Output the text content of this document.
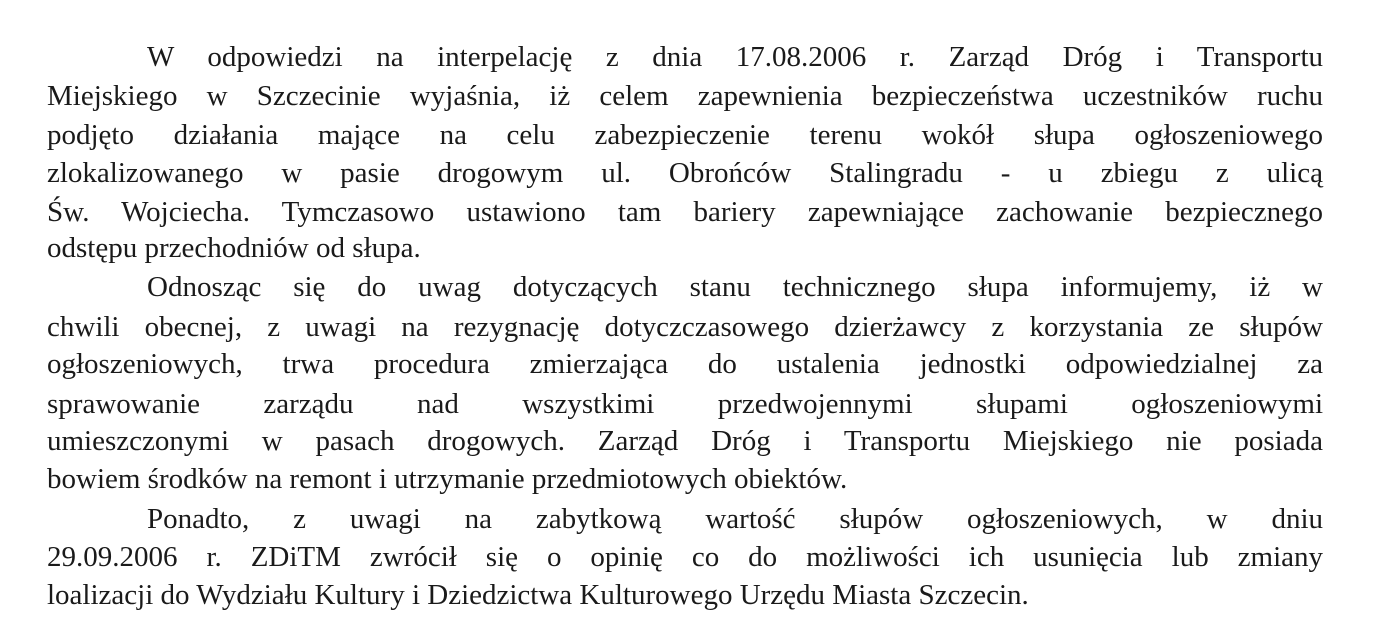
W odpowiedzi na interpelację z dnia 17.08.2006 r. Zarząd Dróg i Transportu
Miejskiego w Szczecinie wyjaśnia, iż celem zapewnienia bezpieczeństwa uczestników ruchu
podjęto działania mające na celu zabezpieczenie terenu wokół słupa ogłoszeniowego
zlokalizowanego w pasie drogowym ul. Obrońców Stalingradu - u zbiegu z ulicą
Św. Wojciecha. Tymczasowo ustawiono tam bariery zapewniające zachowanie bezpiecznego
odstępu przechodniów od słupa.
Odnosząc się do uwag dotyczących stanu technicznego słupa informujemy, iż w
chwili obecnej, z uwagi na rezygnację dotyczczasowego dzierżawcy z korzystania ze słupów
ogłoszeniowych, trwa procedura zmierzająca do ustalenia jednostki odpowiedzialnej za
sprawowanie zarządu nad wszystkimi przedwojennymi słupami ogłoszeniowymi
umieszczonymi w pasach drogowych. Zarząd Dróg i Transportu Miejskiego nie posiada
bowiem środków na remont i utrzymanie przedmiotowych obiektów.
Ponadto, z uwagi na zabytkową wartość słupów ogłoszeniowych, w dniu
29.09.2006 r. ZDiTM zwrócił się o opinię co do możliwości ich usunięcia lub zmiany
loalizacji do Wydziału Kultury i Dziedzictwa Kulturowego Urzędu Miasta Szczecin.
